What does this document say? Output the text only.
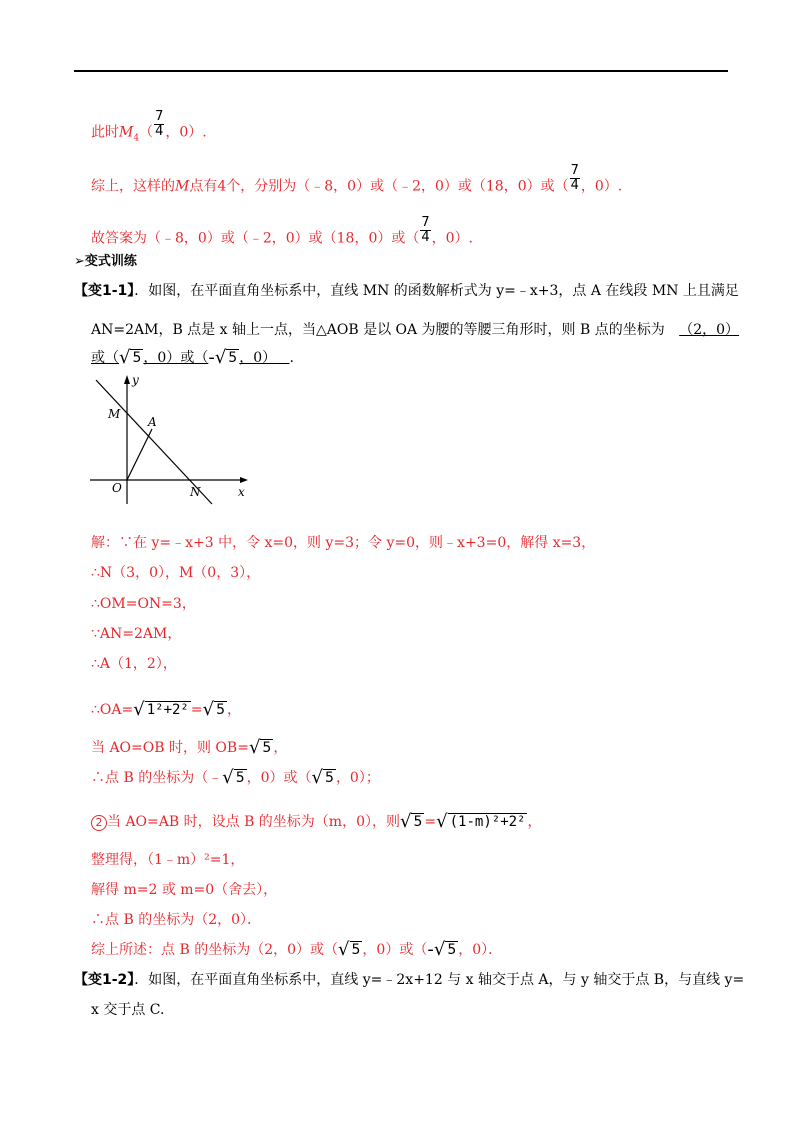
此时$M_4( \frac{7}{4}$ ，0）.
综上，这样的M点有4个，分别为（﹣8，0）或（﹣2，0）或（18，0）或（ $\frac{7}{4}$ ，0）.
故答案为（﹣8，0）或（﹣2，0）或（18，0）或（ $\frac{7}{4}$ ，0）.
➢变式训练
【变1-1】．如图，在平面直角坐标系中，直线 MN 的函数解析式为 y=﹣x+3，点 A 在线段 MN 上且满足
AN=2AM，B 点是 x 轴上一点，当△AOB 是以 OA 为腰的等腰三角形时，则 B 点的坐标为 （2，0）
或（√ 5 ，0）或（-√ 5 ，0） .
y
x
M
A
O	N
解：∵在 y=﹣x+3 中，令 x=0，则 y=3；令 y=0，则﹣x+3=0，解得 x=3，
∴N（3，0），M（0，3），
∴OM=ON=3，
∵AN=2AM，
∴A（1，2），
∴OA=√ 1²+2² =√ 5 ，
当 AO=OB 时，则 OB=√ 5 ，
∴点 B 的坐标为（﹣√ 5 ，0）或（√ 5 ，0）；
2 当 AO=AB 时，设点 B 的坐标为（m，0），则√ 5 =√ (1-m)²+2² ，
整理得，（1﹣m）²=1，
解得 m=2 或 m=0（舍去），
∴点 B 的坐标为（2，0）．
综上所述：点 B 的坐标为（2，0）或（√ 5 ，0）或（-√ 5 ，0）．
【变1-2】．如图，在平面直角坐标系中，直线 y=﹣2x+12 与 x 轴交于点 A，与 y 轴交于点 B，与直线 y=
x 交于点 C.
